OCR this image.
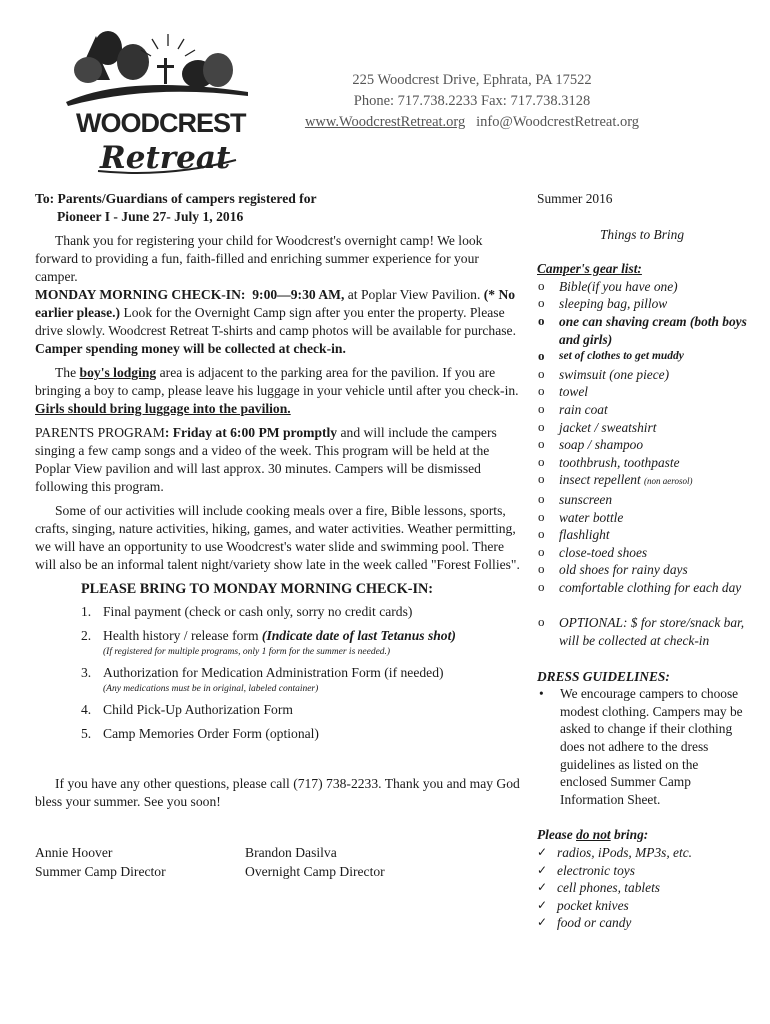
WOODCREST
Retreat
225 Woodcrest Drive, Ephrata, PA 17522
Phone: 717.738.2233 Fax: 717.738.3128
www.WoodcrestRetreat.org info@WoodcrestRetreat.org

To: Parents/Guardians of campers registered for

Pioneer I - June 27- July 1, 2016

Thank you for registering your child for Woodcrest's overnight camp! We look forward to providing a fun, faith-filled and enriching summer experience for your camper.

MONDAY MORNING CHECK-IN: 9:00—9:30 AM, at Poplar View Pavilion. (* No earlier please.) Look for the Overnight Camp sign after you enter the property. Please drive slowly. Woodcrest Retreat T-shirts and camp photos will be available for purchase. Camper spending money will be collected at check-in.

The boy's lodging area is adjacent to the parking area for the pavilion. If you are bringing a boy to camp, please leave his luggage in your vehicle until after you check-in. Girls should bring luggage into the pavilion.

PARENTS PROGRAM: Friday at 6:00 PM promptly and will include the campers singing a few camp songs and a video of the week. This program will be held at the Poplar View pavilion and will last approx. 30 minutes. Campers will be dismissed following this program.

Some of our activities will include cooking meals over a fire, Bible lessons, sports, crafts, singing, nature activities, hiking, games, and water activities. Weather permitting, we will have an opportunity to use Woodcrest's water slide and swimming pool. There will also be an informal talent night/variety show late in the week called "Forest Follies".

PLEASE BRING TO MONDAY MORNING CHECK-IN:

1. Final payment (check or cash only, sorry no credit cards)
2. Health history / release form (Indicate date of last Tetanus shot)
(If registered for multiple programs, only 1 form for the summer is needed.)
3. Authorization for Medication Administration Form (if needed)
(Any medications must be in original, labeled container)
4. Child Pick-Up Authorization Form
5. Camp Memories Order Form (optional)

If you have any other questions, please call (717) 738-2233. Thank you and may God bless your summer. See you soon!

Annie Hoover
Summer Camp Director
Brandon Dasilva
Overnight Camp Director

Summer 2016

Things to Bring

Camper's gear list:

o Bible(if you have one)
o sleeping bag, pillow
o one can shaving cream (both boys and girls)
o set of clothes to get muddy
o swimsuit (one piece)
o towel
o rain coat
o jacket / sweatshirt
o soap / shampoo
o toothbrush, toothpaste
o insect repellent (non aerosol)
o sunscreen
o water bottle
o flashlight
o close-toed shoes
o old shoes for rainy days
o comfortable clothing for each day
o OPTIONAL: $ for store/snack bar, will be collected at check-in

DRESS GUIDELINES:

• We encourage campers to choose modest clothing. Campers may be asked to change if their clothing does not adhere to the dress guidelines as listed on the enclosed Summer Camp Information Sheet.

Please do not bring:

✓ radios, iPods, MP3s, etc.
✓ electronic toys
✓ cell phones, tablets
✓ pocket knives
✓ food or candy
